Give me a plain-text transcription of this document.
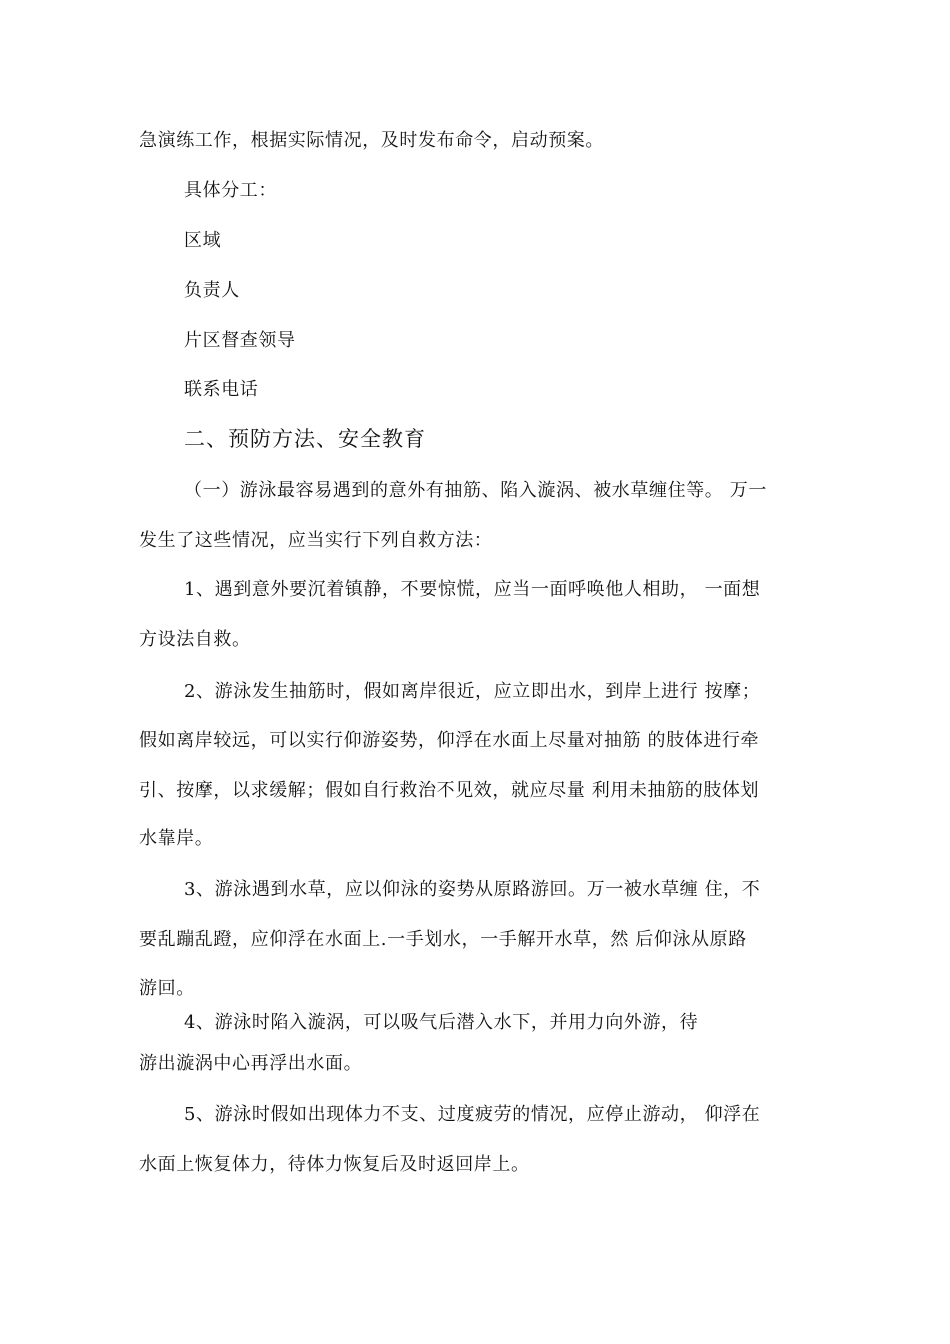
急演练工作，根据实际情况，及时发布命令，启动预案。
具体分工：
区域
负责人
片区督查领导
联系电话
二、预防方法、安全教育
（一）游泳最容易遇到的意外有抽筋、陷入漩涡、被水草缠住等。 万一
发生了这些情况，应当实行下列自救方法：
1、遇到意外要沉着镇静，不要惊慌，应当一面呼唤他人相助， 一面想
方设法自救。
2、游泳发生抽筋时，假如离岸很近，应立即出水，到岸上进行 按摩；
假如离岸较远，可以实行仰游姿势，仰浮在水面上尽量对抽筋 的肢体进行牵
引、按摩，以求缓解；假如自行救治不见效，就应尽量 利用未抽筋的肢体划
水靠岸。
3、游泳遇到水草，应以仰泳的姿势从原路游回。万一被水草缠 住，不
要乱蹦乱蹬，应仰浮在水面上.一手划水，一手解开水草，然 后仰泳从原路
游回。
4、游泳时陷入漩涡，可以吸气后潜入水下，并用力向外游，待
游出漩涡中心再浮出水面。
5、游泳时假如出现体力不支、过度疲劳的情况，应停止游动， 仰浮在
水面上恢复体力，待体力恢复后及时返回岸上。
